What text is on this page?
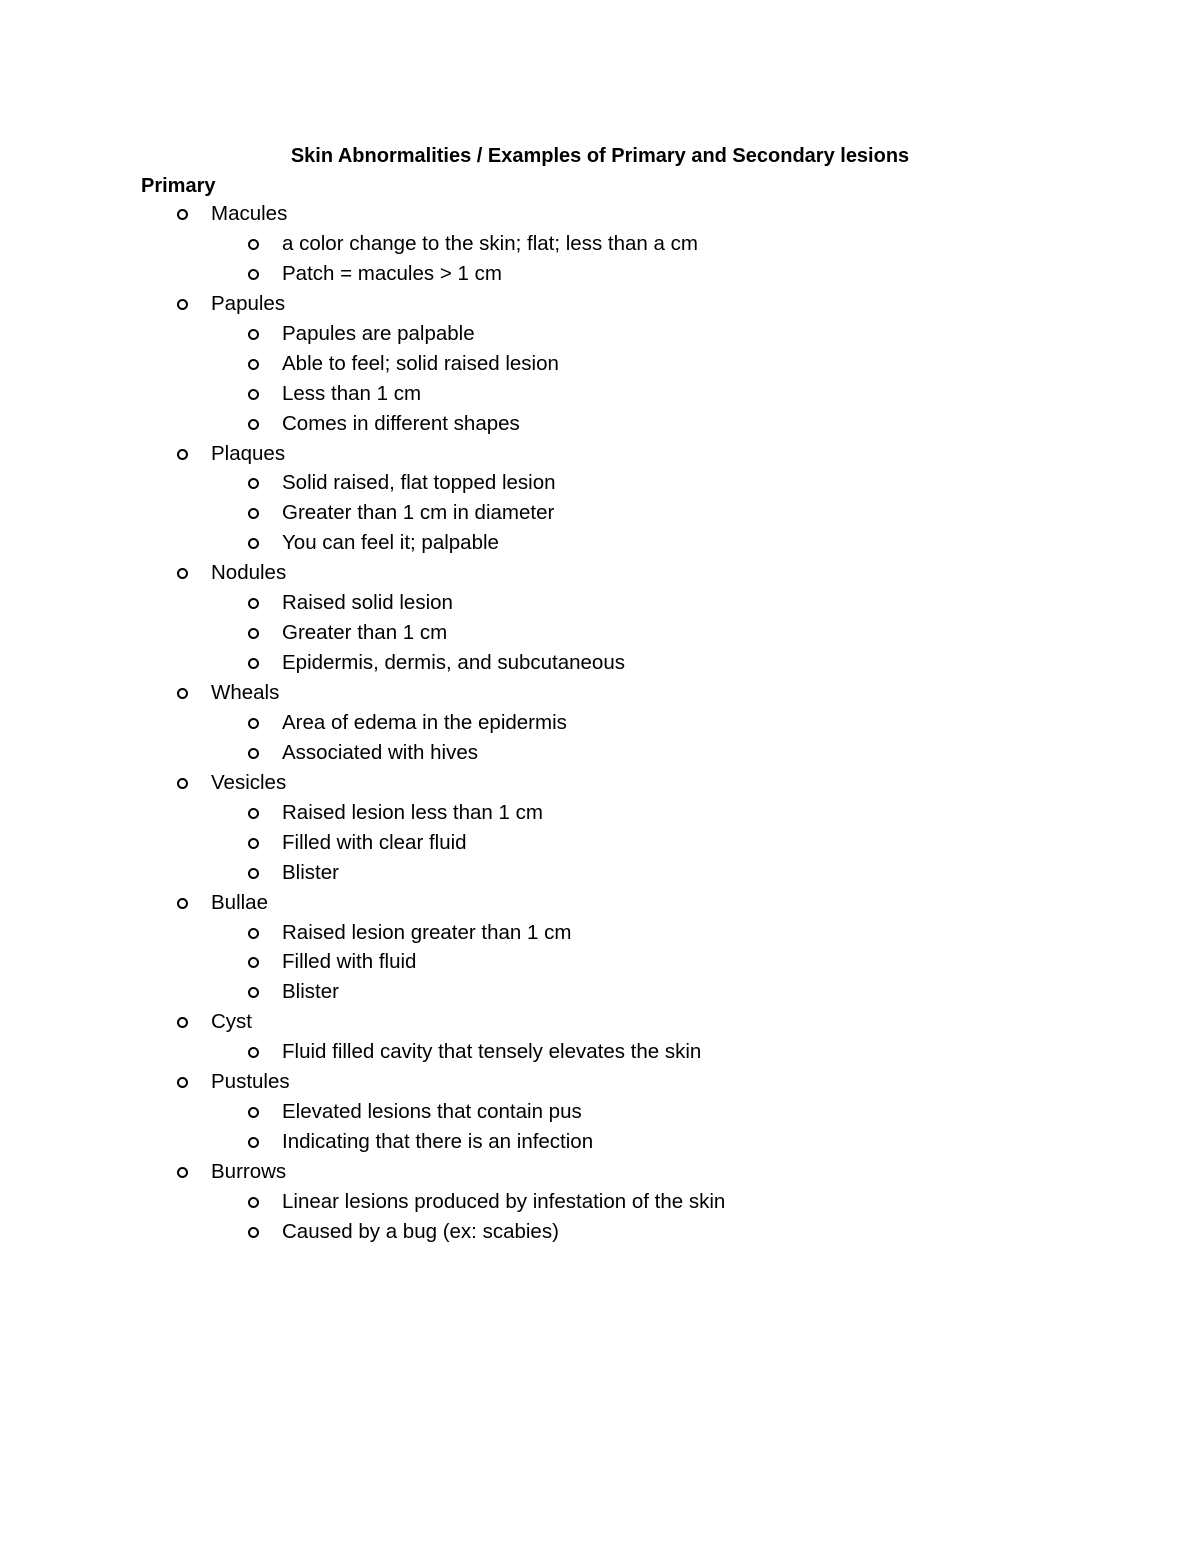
Skin Abnormalities / Examples of Primary and Secondary lesions
Primary
Macules
a color change to the skin; flat; less than a cm
Patch = macules > 1 cm
Papules
Papules are palpable
Able to feel; solid raised lesion
Less than 1 cm
Comes in different shapes
Plaques
Solid raised, flat topped lesion
Greater than 1 cm in diameter
You can feel it; palpable
Nodules
Raised solid lesion
Greater than 1 cm
Epidermis, dermis, and subcutaneous
Wheals
Area of edema in the epidermis
Associated with hives
Vesicles
Raised lesion less than 1 cm
Filled with clear fluid
Blister
Bullae
Raised lesion greater than 1 cm
Filled with fluid
Blister
Cyst
Fluid filled cavity that tensely elevates the skin
Pustules
Elevated lesions that contain pus
Indicating that there is an infection
Burrows
Linear lesions produced by infestation of the skin
Caused by a bug (ex: scabies)
